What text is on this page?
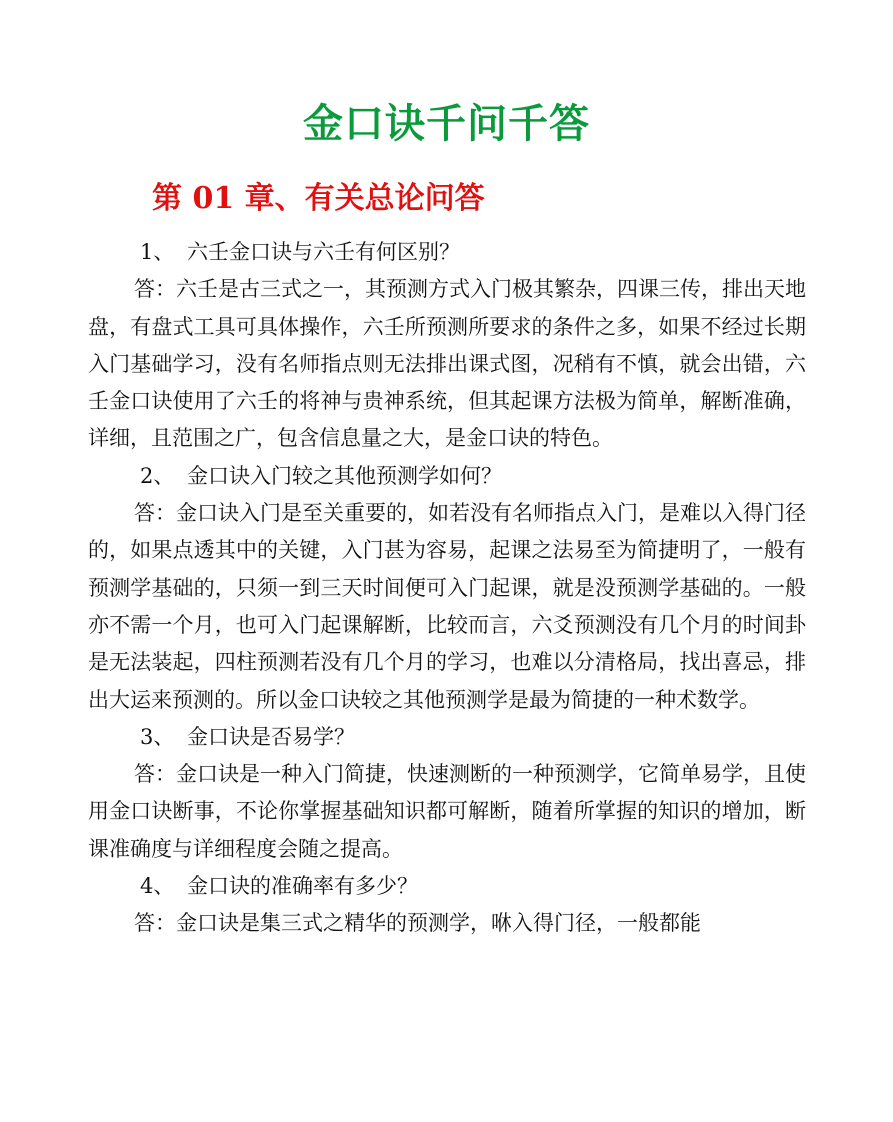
金口诀千问千答
第 01 章、有关总论问答

1、 六壬金口诀与六壬有何区别？

答：六壬是古三式之一，其预测方式入门极其繁杂，四课三传，排出天地盘，有盘式工具可具体操作，六壬所预测所要求的条件之多，如果不经过长期入门基础学习，没有名师指点则无法排出课式图，况稍有不慎，就会出错，六壬金口诀使用了六壬的将神与贵神系统，但其起课方法极为简单，解断准确，详细，且范围之广，包含信息量之大，是金口诀的特色。

2、 金口诀入门较之其他预测学如何？

答：金口诀入门是至关重要的，如若没有名师指点入门，是难以入得门径的，如果点透其中的关键，入门甚为容易，起课之法易至为简捷明了，一般有预测学基础的，只须一到三天时间便可入门起课，就是没预测学基础的。一般亦不需一个月，也可入门起课解断，比较而言，六爻预测没有几个月的时间卦是无法装起，四柱预测若没有几个月的学习，也难以分清格局，找出喜忌，排出大运来预测的。所以金口诀较之其他预测学是最为简捷的一种术数学。

3、 金口诀是否易学？

答：金口诀是一种入门简捷，快速测断的一种预测学，它简单易学，且使用金口诀断事，不论你掌握基础知识都可解断，随着所掌握的知识的增加，断课准确度与详细程度会随之提高。

4、 金口诀的准确率有多少？

答：金口诀是集三式之精华的预测学，咻入得门径，一般都能
